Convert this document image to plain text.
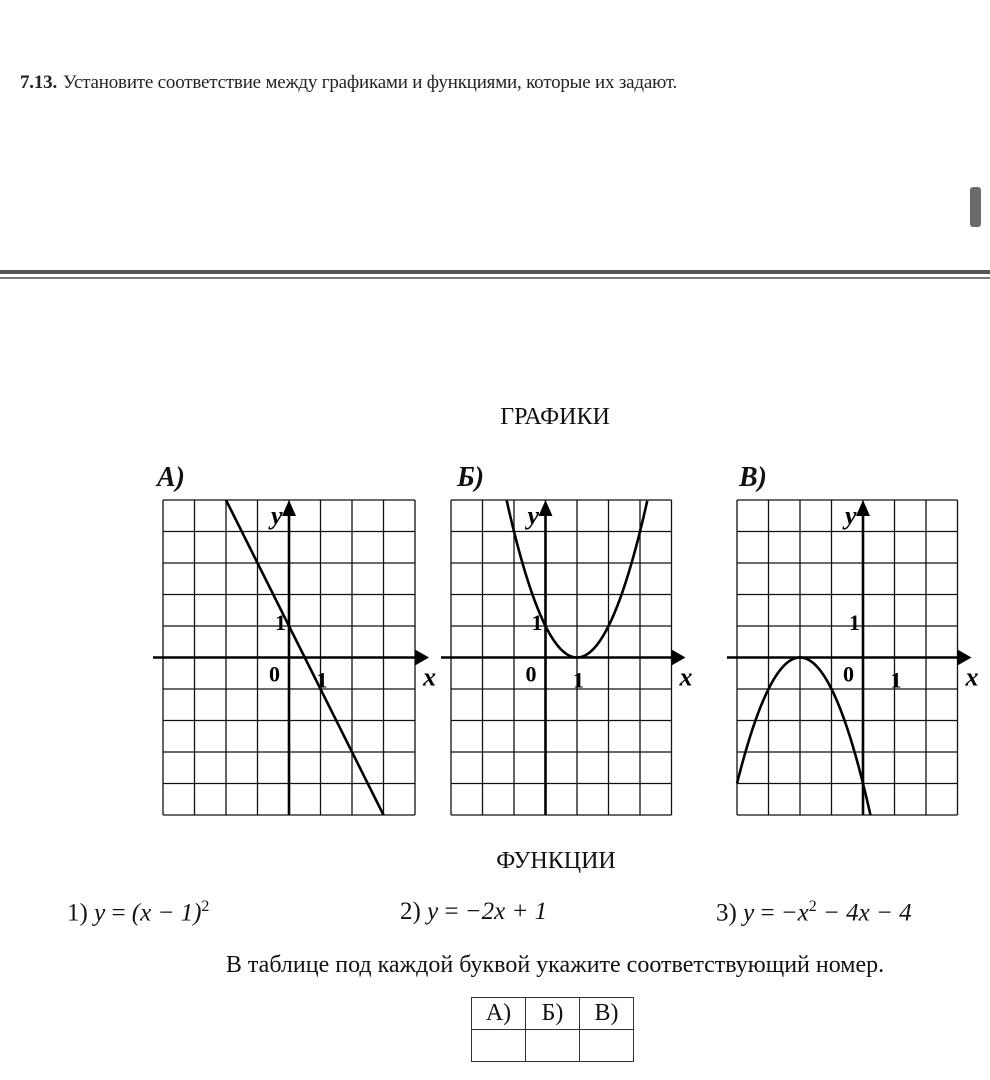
7.13. Установите соответствие между графиками и функциями, которые их задают.
ГРАФИКИ
А)
x
y
0 1
1
Б)
x
y
0 1
1
В)
x
y
0 1
1
ФУНКЦИИ
1) $y = (x - 1)^2$	2) y = −2x + 1	3) $y = -x^2 - 4x - 4$
В таблице под каждой буквой укажите соответствующий номер.
А)	Б)	В)
